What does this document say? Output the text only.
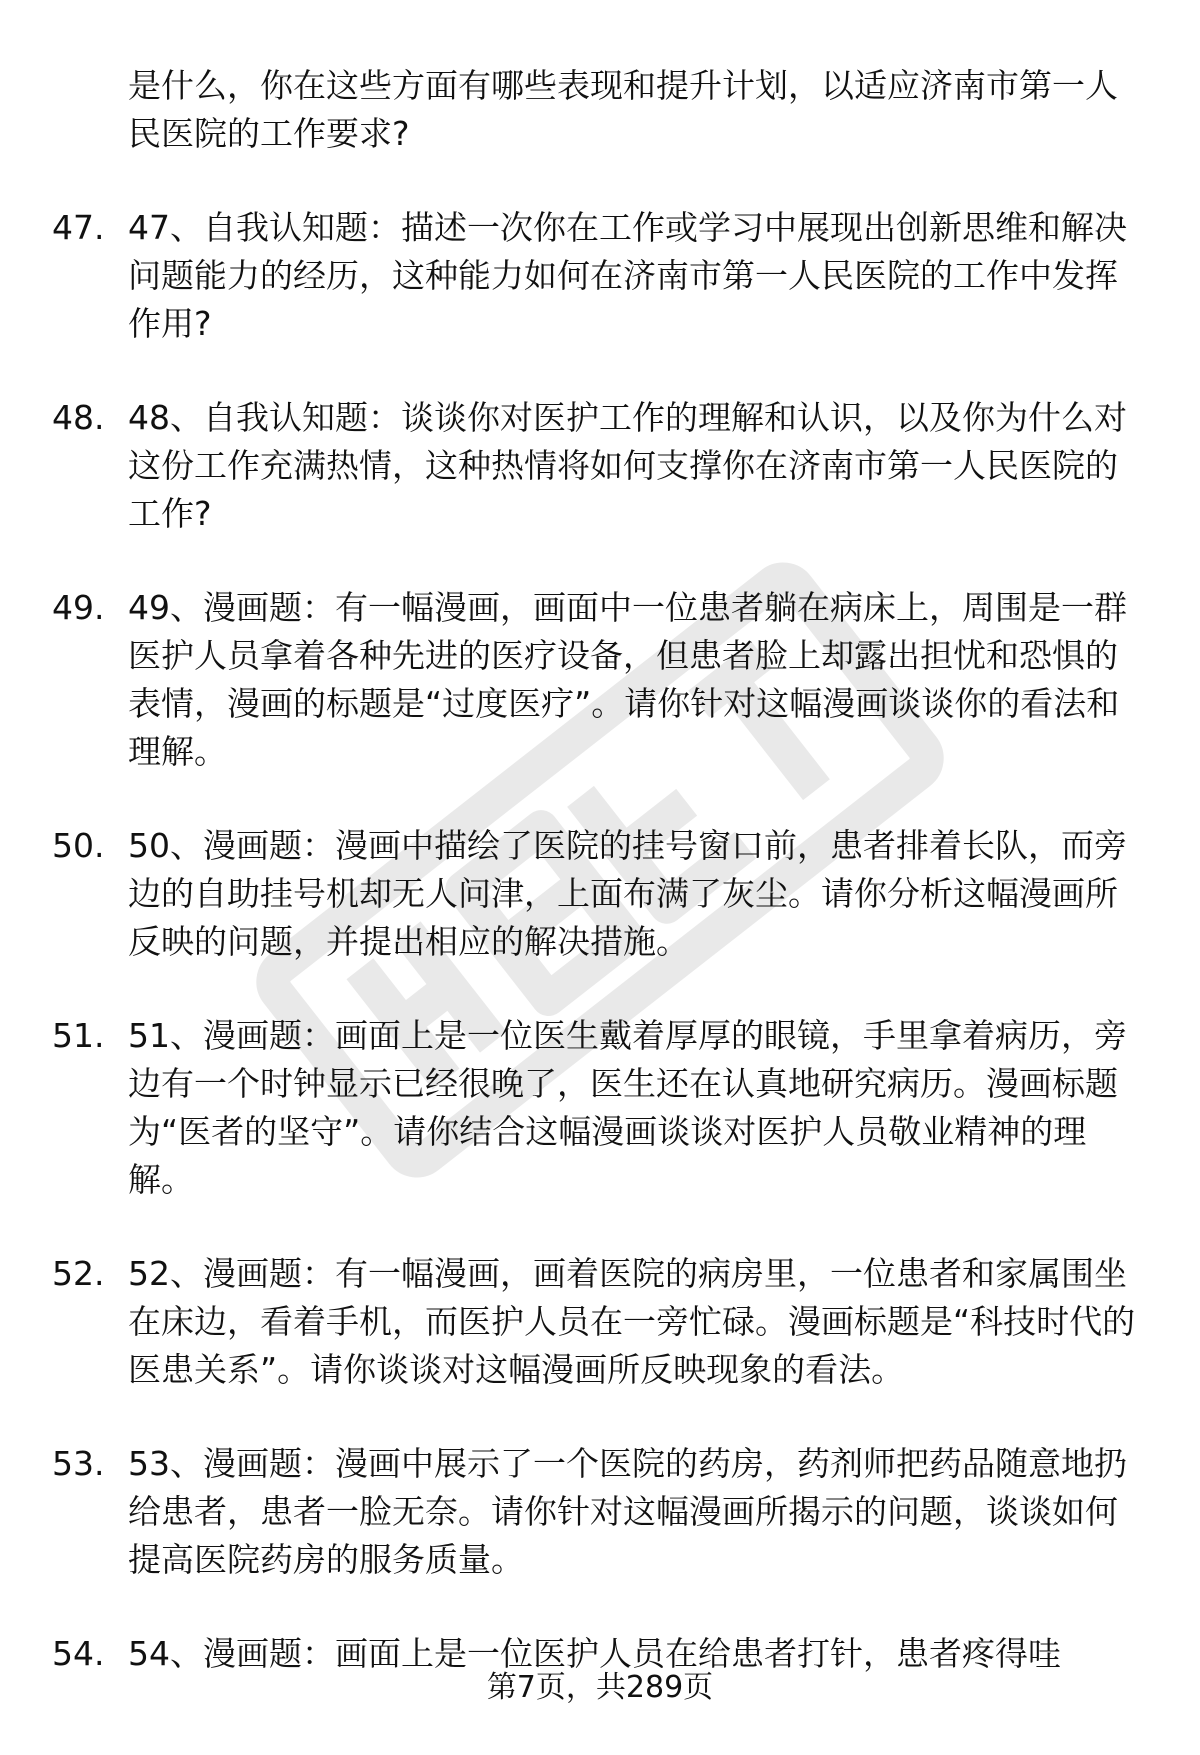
是什么，你在这些方面有哪些表现和提升计划，以适应济南市第一人民医院的工作要求?
47. 47、自我认知题：描述一次你在工作或学习中展现出创新思维和解决问题能力的经历，这种能力如何在济南市第一人民医院的工作中发挥作用?
48. 48、自我认知题：谈谈你对医护工作的理解和认识，以及你为什么对这份工作充满热情，这种热情将如何支撑你在济南市第一人民医院的工作?
49. 49、漫画题：有一幅漫画，画面中一位患者躺在病床上，周围是一群医护人员拿着各种先进的医疗设备，但患者脸上却露出担忧和恐惧的表情，漫画的标题是“过度医疗”。请你针对这幅漫画谈谈你的看法和理解。
50. 50、漫画题：漫画中描绘了医院的挂号窗口前，患者排着长队，而旁边的自助挂号机却无人问津，上面布满了灰尘。请你分析这幅漫画所反映的问题，并提出相应的解决措施。
51. 51、漫画题：画面上是一位医生戴着厚厚的眼镜，手里拿着病历，旁边有一个时钟显示已经很晚了，医生还在认真地研究病历。漫画标题为“医者的坚守”。请你结合这幅漫画谈谈对医护人员敬业精神的理解。
52. 52、漫画题：有一幅漫画，画着医院的病房里，一位患者和家属围坐在床边，看着手机，而医护人员在一旁忙碌。漫画标题是“科技时代的医患关系”。请你谈谈对这幅漫画所反映现象的看法。
53. 53、漫画题：漫画中展示了一个医院的药房，药剂师把药品随意地扔给患者，患者一脸无奈。请你针对这幅漫画所揭示的问题，谈谈如何提高医院药房的服务质量。
54. 54、漫画题：画面上是一位医护人员在给患者打针，患者疼得哇
第7页，共289页
